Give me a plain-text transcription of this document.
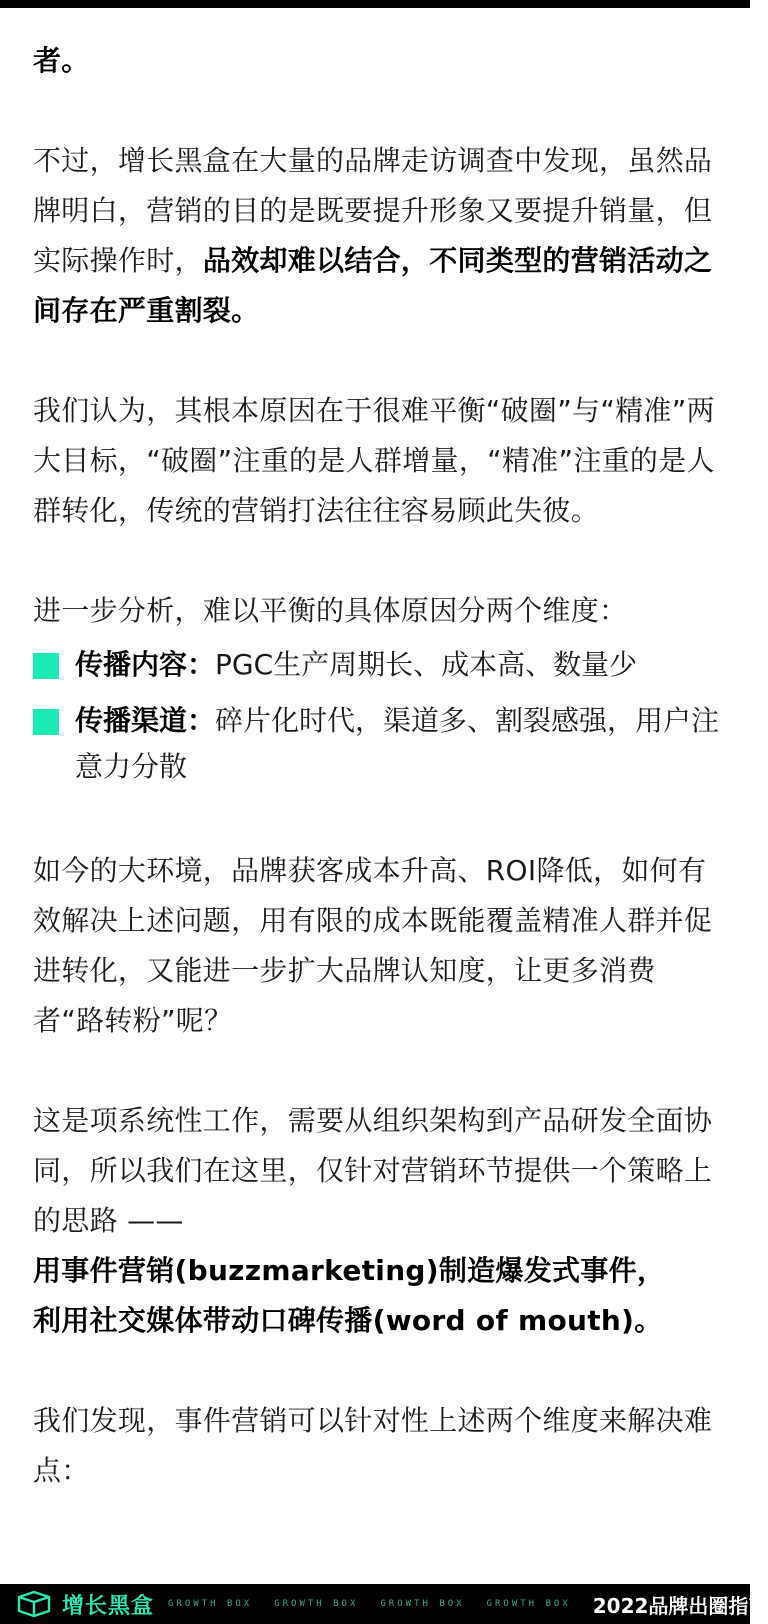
者。

不过，增长黑盒在大量的品牌走访调查中发现，虽然品牌明白，营销的目的是既要提升形象又要提升销量，但实际操作时，品效却难以结合，不同类型的营销活动之间存在严重割裂。

我们认为，其根本原因在于很难平衡“破圈”与“精准”两大目标，“破圈”注重的是人群增量，“精准”注重的是人群转化，传统的营销打法往往容易顾此失彼。

进一步分析，难以平衡的具体原因分两个维度：

传播内容：PGC生产周期长、成本高、数量少
传播渠道：碎片化时代，渠道多、割裂感强，用户注意力分散

如今的大环境，品牌获客成本升高、ROI降低，如何有效解决上述问题，用有限的成本既能覆盖精准人群并促进转化，又能进一步扩大品牌认知度，让更多消费者“路转粉”呢？

这是项系统性工作，需要从组织架构到产品研发全面协同，所以我们在这里，仅针对营销环节提供一个策略上的思路 ——
用事件营销(buzzmarketing)制造爆发式事件，
利用社交媒体带动口碑传播(word of mouth)。

我们发现，事件营销可以针对性上述两个维度来解决难点：

增长黑盒 GROWTH BOX GROWTH BOX GROWTH BOX GROWTH BOX 2022品牌出圈指南
